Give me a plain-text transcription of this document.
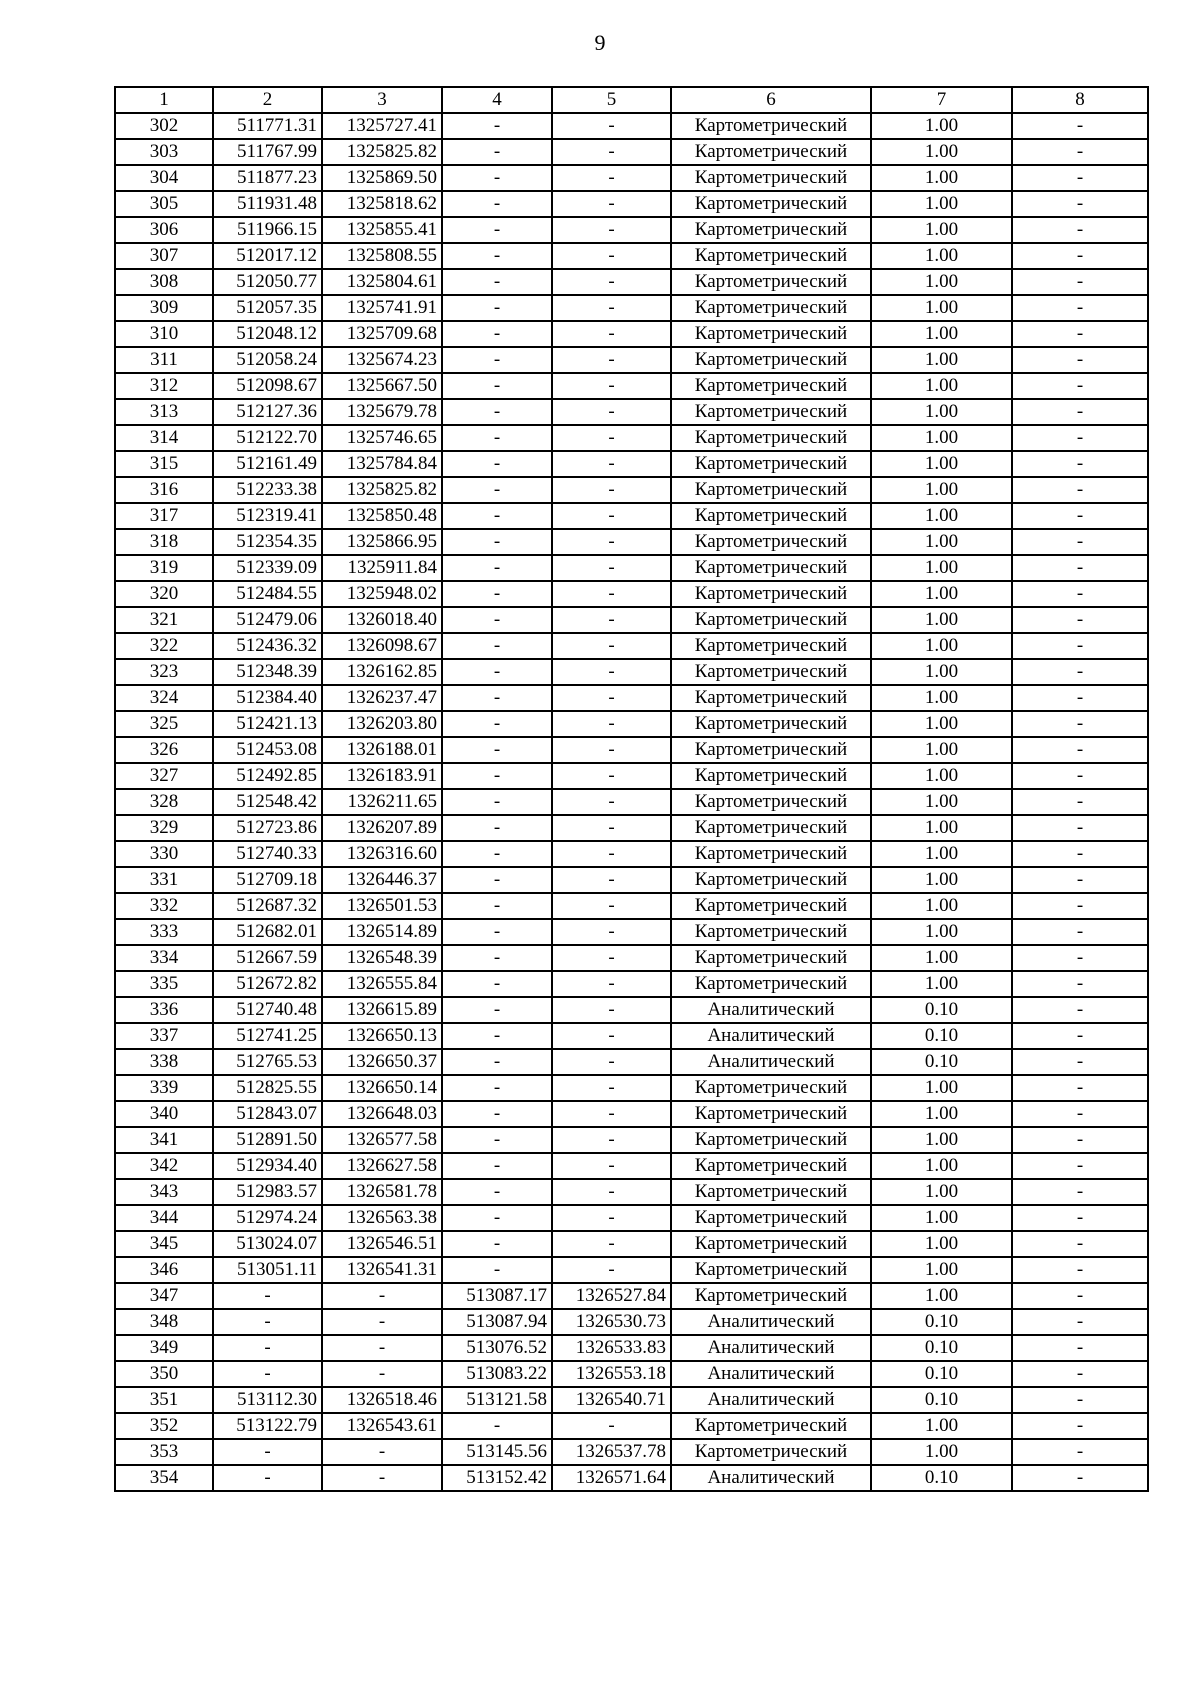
9
1	2	3	4	5	6	7	8
302	511771.31	1325727.41	-	-	Картометрический	1.00	-
303	511767.99	1325825.82	-	-	Картометрический	1.00	-
304	511877.23	1325869.50	-	-	Картометрический	1.00	-
305	511931.48	1325818.62	-	-	Картометрический	1.00	-
306	511966.15	1325855.41	-	-	Картометрический	1.00	-
307	512017.12	1325808.55	-	-	Картометрический	1.00	-
308	512050.77	1325804.61	-	-	Картометрический	1.00	-
309	512057.35	1325741.91	-	-	Картометрический	1.00	-
310	512048.12	1325709.68	-	-	Картометрический	1.00	-
311	512058.24	1325674.23	-	-	Картометрический	1.00	-
312	512098.67	1325667.50	-	-	Картометрический	1.00	-
313	512127.36	1325679.78	-	-	Картометрический	1.00	-
314	512122.70	1325746.65	-	-	Картометрический	1.00	-
315	512161.49	1325784.84	-	-	Картометрический	1.00	-
316	512233.38	1325825.82	-	-	Картометрический	1.00	-
317	512319.41	1325850.48	-	-	Картометрический	1.00	-
318	512354.35	1325866.95	-	-	Картометрический	1.00	-
319	512339.09	1325911.84	-	-	Картометрический	1.00	-
320	512484.55	1325948.02	-	-	Картометрический	1.00	-
321	512479.06	1326018.40	-	-	Картометрический	1.00	-
322	512436.32	1326098.67	-	-	Картометрический	1.00	-
323	512348.39	1326162.85	-	-	Картометрический	1.00	-
324	512384.40	1326237.47	-	-	Картометрический	1.00	-
325	512421.13	1326203.80	-	-	Картометрический	1.00	-
326	512453.08	1326188.01	-	-	Картометрический	1.00	-
327	512492.85	1326183.91	-	-	Картометрический	1.00	-
328	512548.42	1326211.65	-	-	Картометрический	1.00	-
329	512723.86	1326207.89	-	-	Картометрический	1.00	-
330	512740.33	1326316.60	-	-	Картометрический	1.00	-
331	512709.18	1326446.37	-	-	Картометрический	1.00	-
332	512687.32	1326501.53	-	-	Картометрический	1.00	-
333	512682.01	1326514.89	-	-	Картометрический	1.00	-
334	512667.59	1326548.39	-	-	Картометрический	1.00	-
335	512672.82	1326555.84	-	-	Картометрический	1.00	-
336	512740.48	1326615.89	-	-	Аналитический	0.10	-
337	512741.25	1326650.13	-	-	Аналитический	0.10	-
338	512765.53	1326650.37	-	-	Аналитический	0.10	-
339	512825.55	1326650.14	-	-	Картометрический	1.00	-
340	512843.07	1326648.03	-	-	Картометрический	1.00	-
341	512891.50	1326577.58	-	-	Картометрический	1.00	-
342	512934.40	1326627.58	-	-	Картометрический	1.00	-
343	512983.57	1326581.78	-	-	Картометрический	1.00	-
344	512974.24	1326563.38	-	-	Картометрический	1.00	-
345	513024.07	1326546.51	-	-	Картометрический	1.00	-
346	513051.11	1326541.31	-	-	Картометрический	1.00	-
347	-	-	513087.17	1326527.84	Картометрический	1.00	-
348	-	-	513087.94	1326530.73	Аналитический	0.10	-
349	-	-	513076.52	1326533.83	Аналитический	0.10	-
350	-	-	513083.22	1326553.18	Аналитический	0.10	-
351	513112.30	1326518.46	513121.58	1326540.71	Аналитический	0.10	-
352	513122.79	1326543.61	-	-	Картометрический	1.00	-
353	-	-	513145.56	1326537.78	Картометрический	1.00	-
354	-	-	513152.42	1326571.64	Аналитический	0.10	-
